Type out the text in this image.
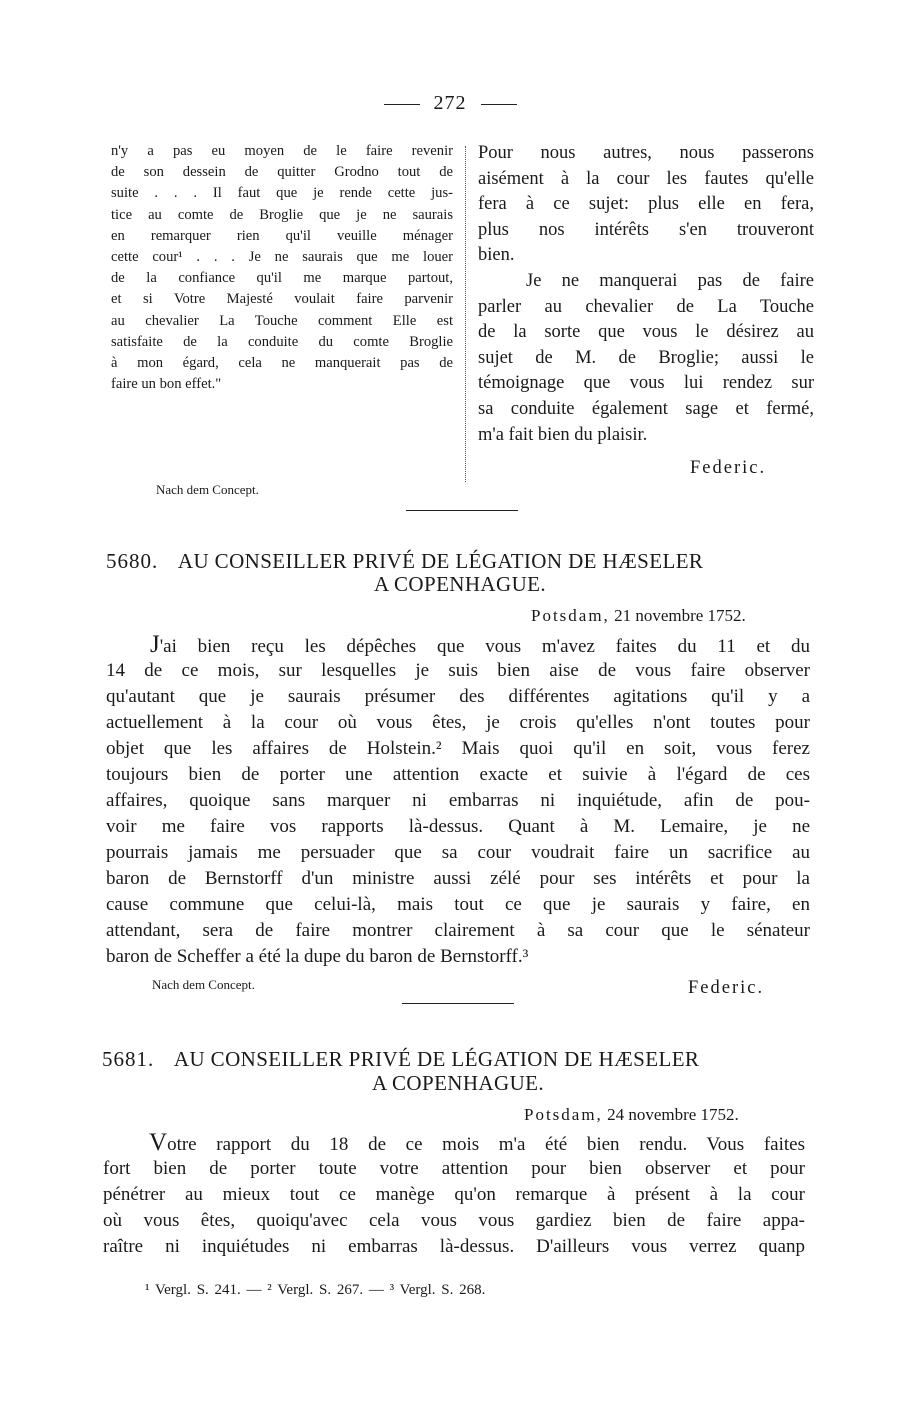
272
n'y a pas eu moyen de le faire revenir
de son dessein de quitter Grodno tout de
suite . . . Il faut que je rende cette jus-
tice au comte de Broglie que je ne saurais
en remarquer rien qu'il veuille ménager
cette cour¹ . . . Je ne saurais que me louer
de la confiance qu'il me marque partout,
et si Votre Majesté voulait faire parvenir
au chevalier La Touche comment Elle est
satisfaite de la conduite du comte Broglie
à mon égard, cela ne manquerait pas de
faire un bon effet."
Pour nous autres, nous passerons
aisément à la cour les fautes qu'elle
fera à ce sujet: plus elle en fera,
plus nos intérêts s'en trouveront
bien.
Je ne manquerai pas de faire
parler au chevalier de La Touche
de la sorte que vous le désirez au
sujet de M. de Broglie; aussi le
témoignage que vous lui rendez sur
sa conduite également sage et fermé,
m'a fait bien du plaisir.
Federic.
Nach dem Concept.
5680. AU CONSEILLER PRIVÉ DE LÉGATION DE HÆSELER
A COPENHAGUE.
Potsdam, 21 novembre 1752.
J'ai bien reçu les dépêches que vous m'avez faites du 11 et du
14 de ce mois, sur lesquelles je suis bien aise de vous faire observer
qu'autant que je saurais présumer des différentes agitations qu'il y a
actuellement à la cour où vous êtes, je crois qu'elles n'ont toutes pour
objet que les affaires de Holstein.² Mais quoi qu'il en soit, vous ferez
toujours bien de porter une attention exacte et suivie à l'égard de ces
affaires, quoique sans marquer ni embarras ni inquiétude, afin de pou-
voir me faire vos rapports là-dessus. Quant à M. Lemaire, je ne
pourrais jamais me persuader que sa cour voudrait faire un sacrifice au
baron de Bernstorff d'un ministre aussi zélé pour ses intérêts et pour la
cause commune que celui-là, mais tout ce que je saurais y faire, en
attendant, sera de faire montrer clairement à sa cour que le sénateur
baron de Scheffer a été la dupe du baron de Bernstorff.³
Nach dem Concept.	Federic.
5681. AU CONSEILLER PRIVÉ DE LÉGATION DE HÆSELER
A COPENHAGUE.
Potsdam, 24 novembre 1752.
Votre rapport du 18 de ce mois m'a été bien rendu. Vous faites
fort bien de porter toute votre attention pour bien observer et pour
pénétrer au mieux tout ce manège qu'on remarque à présent à la cour
où vous êtes, quoiqu'avec cela vous vous gardiez bien de faire appa-
raître ni inquiétudes ni embarras là-dessus. D'ailleurs vous verrez quanp
¹ Vergl. S. 241. — ² Vergl. S. 267. — ³ Vergl. S. 268.
